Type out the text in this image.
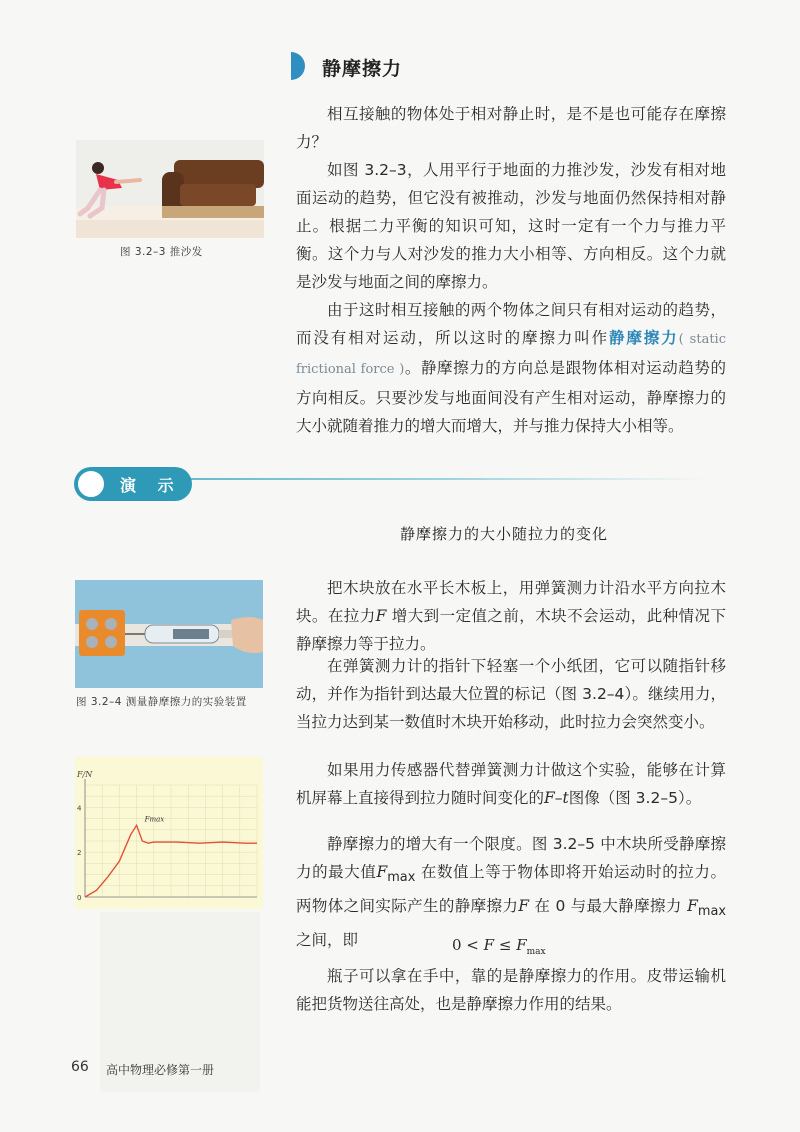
静摩擦力
相互接触的物体处于相对静止时，是不是也可能存在摩擦力？
如图 3.2–3，人用平行于地面的力推沙发，沙发有相对地面运动的趋势，但它没有被推动，沙发与地面仍然保持相对静止。根据二力平衡的知识可知，这时一定有一个力与推力平衡。这个力与人对沙发的推力大小相等、方向相反。这个力就是沙发与地面之间的摩擦力。
由于这时相互接触的两个物体之间只有相对运动的趋势，而没有相对运动，所以这时的摩擦力叫作静摩擦力( static frictional force )。静摩擦力的方向总是跟物体相对运动趋势的方向相反。只要沙发与地面间没有产生相对运动，静摩擦力的大小就随着推力的增大而增大，并与推力保持大小相等。
图 3.2–3 推沙发
演 示
静摩擦力的大小随拉力的变化
图 3.2–4 测量静摩擦力的实验装置
F/N
4
2
0
Fmax
把木块放在水平长木板上，用弹簧测力计沿水平方向拉木块。在拉力F 增大到一定值之前，木块不会运动，此种情况下静摩擦力等于拉力。
在弹簧测力计的指针下轻塞一个小纸团，它可以随指针移动，并作为指针到达最大位置的标记（图 3.2–4）。继续用力，当拉力达到某一数值时木块开始移动，此时拉力会突然变小。
如果用力传感器代替弹簧测力计做这个实验，能够在计算机屏幕上直接得到拉力随时间变化的F–t图像（图 3.2–5）。
静摩擦力的增大有一个限度。图 3.2–5 中木块所受静摩擦力的最大值$F_{max}$ 在数值上等于物体即将开始运动时的拉力。两物体之间实际产生的静摩擦力F 在 0 与最大静摩擦力 $F_{max}$ 之间，即	$0 < F \le F_{max}$
瓶子可以拿在手中，靠的是静摩擦力的作用。皮带运输机能把货物送往高处，也是静摩擦力作用的结果。
66 高中物理必修第一册
